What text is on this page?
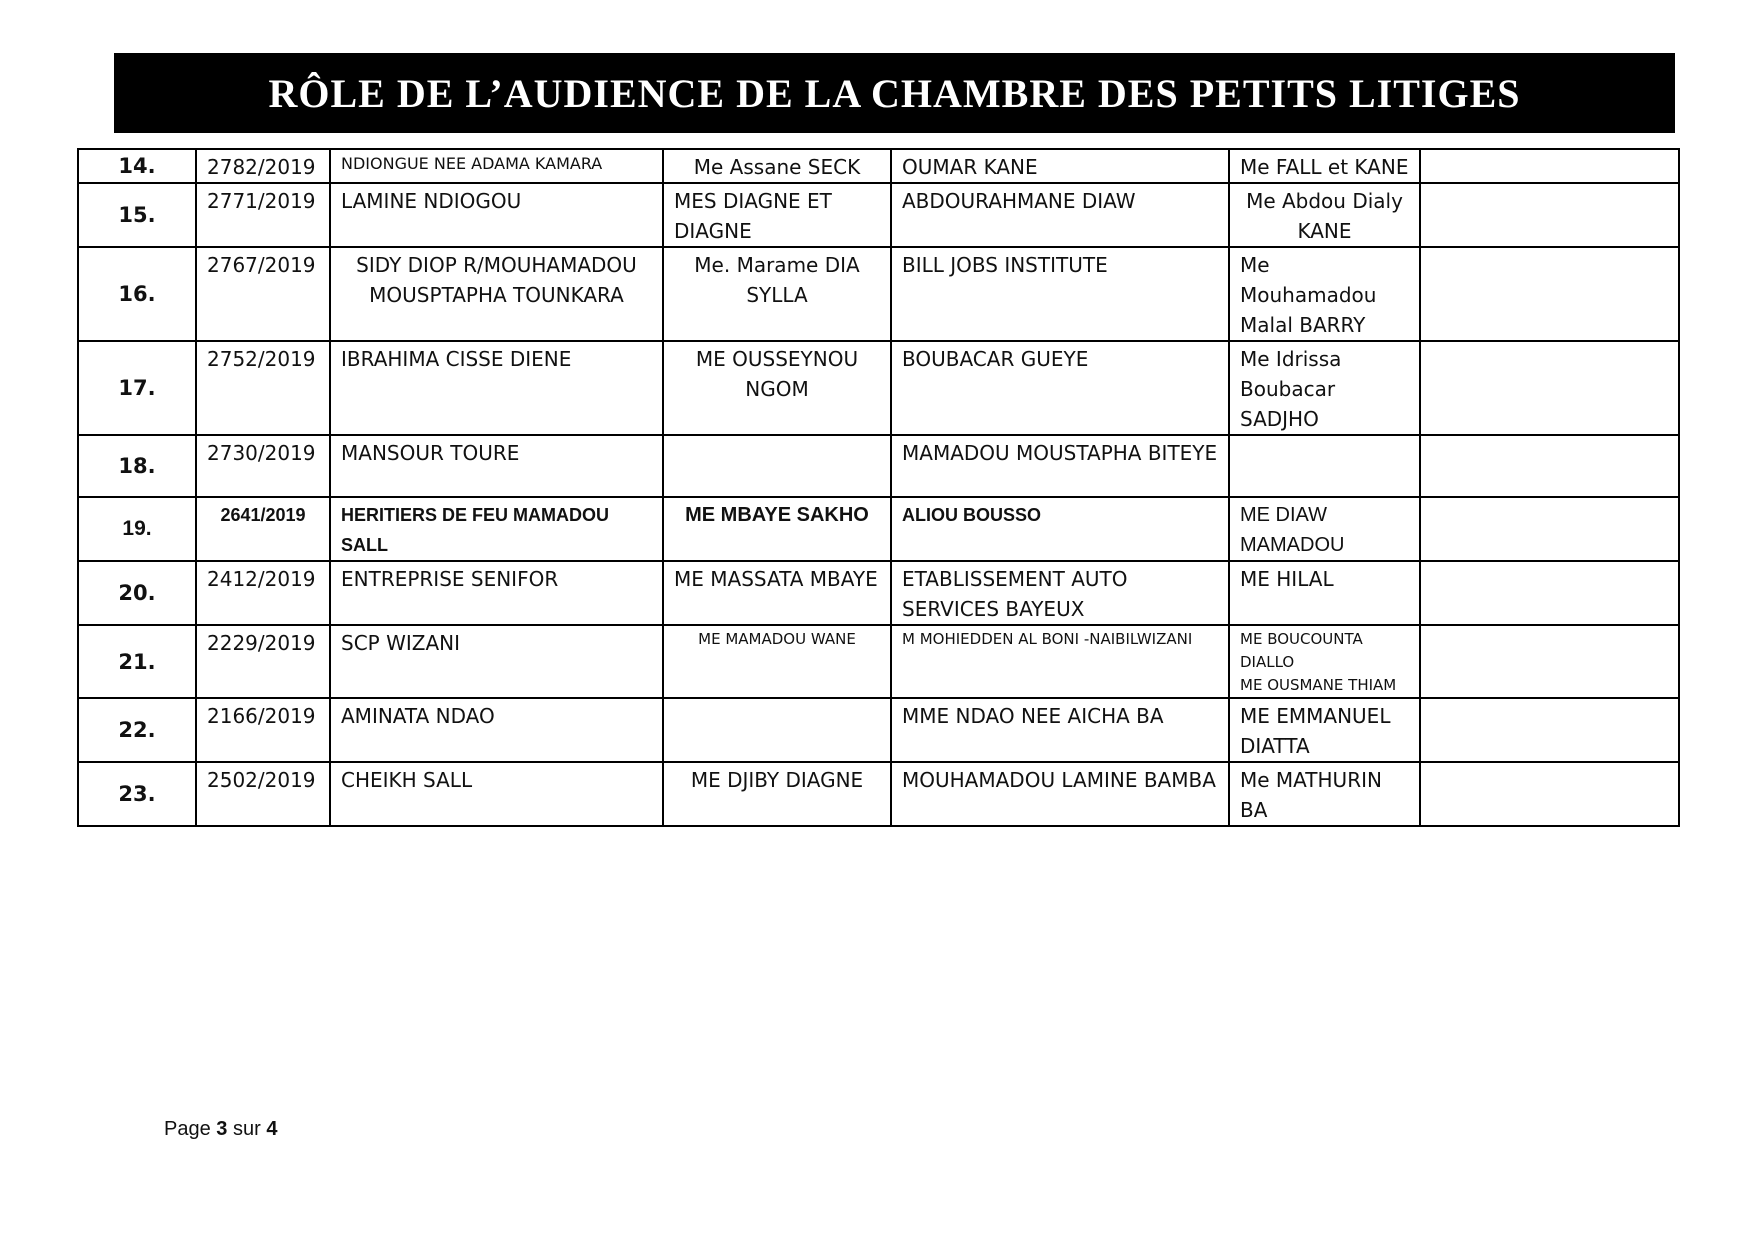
RÔLE DE L’AUDIENCE DE LA CHAMBRE DES PETITS LITIGES
14.	2782/2019	NDIONGUE NEE ADAMA KAMARA	Me Assane SECK	OUMAR KANE	Me FALL et KANE	
15.	2771/2019	LAMINE NDIOGOU	MES DIAGNE ET DIAGNE	ABDOURAHMANE DIAW	Me Abdou Dialy KANE	
16.	2767/2019	SIDY DIOP R/MOUHAMADOU MOUSPTAPHA TOUNKARA	Me. Marame DIA SYLLA	BILL JOBS INSTITUTE	Me Mouhamadou Malal BARRY	
17.	2752/2019	IBRAHIMA CISSE DIENE	ME OUSSEYNOU NGOM	BOUBACAR GUEYE	Me Idrissa Boubacar SADJHO	
18.	2730/2019	MANSOUR TOURE		MAMADOU MOUSTAPHA BITEYE		
19.	2641/2019	HERITIERS DE FEU MAMADOU SALL	ME MBAYE SAKHO	ALIOU BOUSSO	ME DIAW MAMADOU	
20.	2412/2019	ENTREPRISE SENIFOR	ME MASSATA MBAYE	ETABLISSEMENT AUTO SERVICES BAYEUX	ME HILAL	
21.	2229/2019	SCP WIZANI	ME MAMADOU WANE	M MOHIEDDEN AL BONI -NAIBILWIZANI	ME BOUCOUNTA DIALLO
ME OUSMANE THIAM	

22.	2166/2019	AMINATA NDAO		MME NDAO NEE AICHA BA	ME EMMANUEL DIATTA	
23.	2502/2019	CHEIKH SALL	ME DJIBY DIAGNE	MOUHAMADOU LAMINE BAMBA	Me MATHURIN BA	
Page 3 sur 4
